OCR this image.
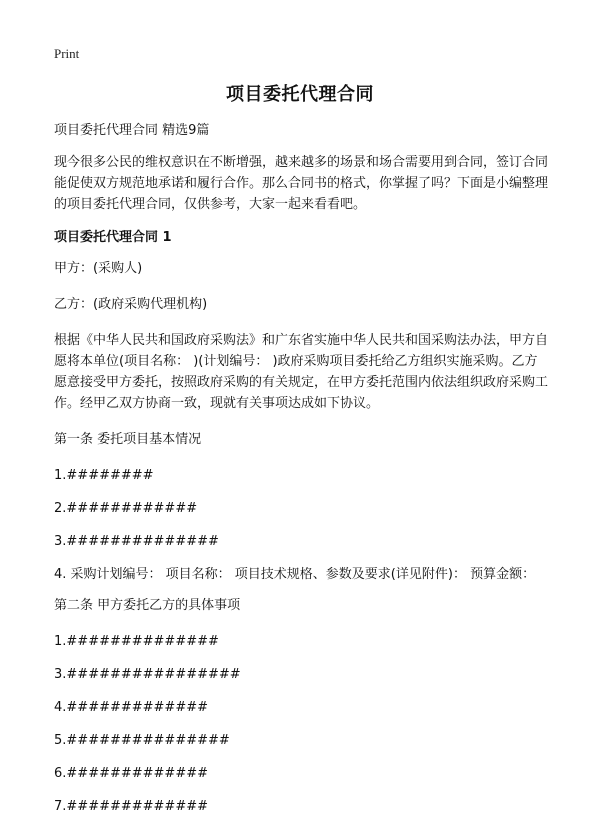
Print
项目委托代理合同

项目委托代理合同 精选9篇

现今很多公民的维权意识在不断增强，越来越多的场景和场合需要用到合同，签订合同能促使双方规范地承诺和履行合作。那么合同书的格式，你掌握了吗？下面是小编整理的项目委托代理合同，仅供参考，大家一起来看看吧。

项目委托代理合同 1

甲方：(采购人)

乙方：(政府采购代理机构)

根据《中华人民共和国政府采购法》和广东省实施中华人民共和国采购法办法，甲方自愿将本单位(项目名称： )(计划编号： )政府采购项目委托给乙方组织实施采购。乙方愿意接受甲方委托，按照政府采购的有关规定，在甲方委托范围内依法组织政府采购工作。经甲乙双方协商一致，现就有关事项达成如下协议。

第一条 委托项目基本情况

1.########

2.############

3.##############

4. 采购计划编号： 项目名称： 项目技术规格、参数及要求(详见附件)： 预算金额：

第二条 甲方委托乙方的具体事项

1.##############

3.################

4.#############

5.###############

6.#############

7.#############
